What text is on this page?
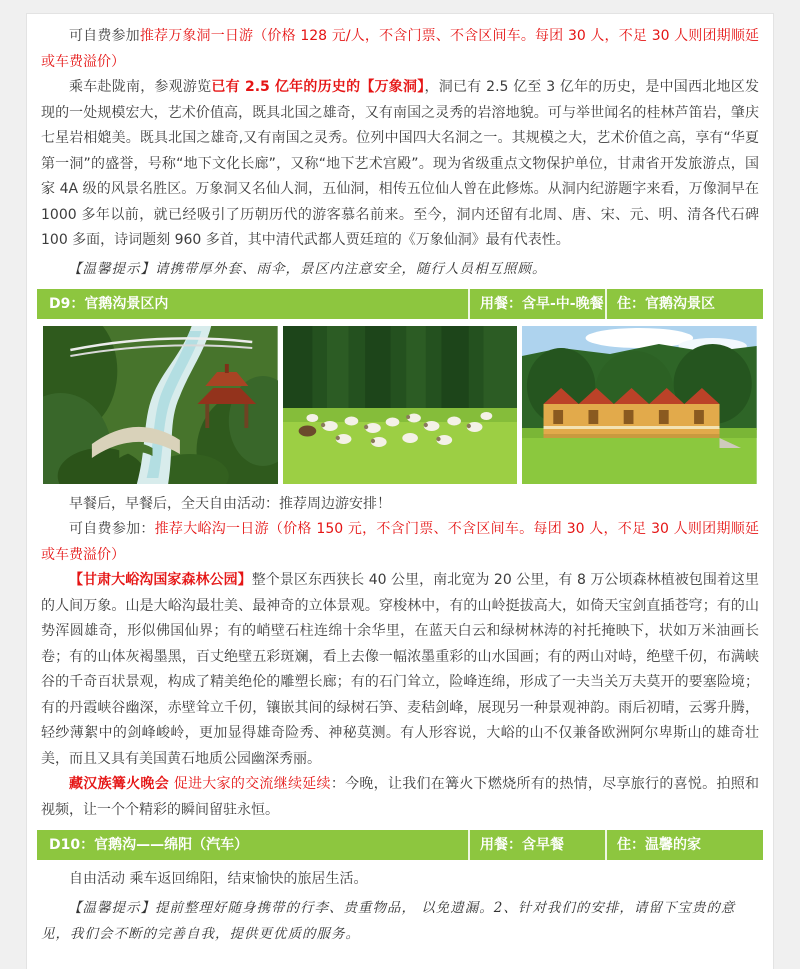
可自费参加推荐万象洞一日游（价格 128 元/人，不含门票、不含区间车。每团 30 人，不足 30 人则团期顺延或车费溢价）

乘车赴陇南，参观游览已有 2.5 亿年的历史的【万象洞】，洞已有 2.5 亿至 3 亿年的历史，是中国西北地区发现的一处规模宏大，艺术价值高，既具北国之雄奇，又有南国之灵秀的岩溶地貌。可与举世闻名的桂林芦笛岩，肇庆七星岩相媲美。既具北国之雄奇,又有南国之灵秀。位列中国四大名洞之一。其规模之大，艺术价值之高，享有“华夏第一洞”的盛誉，号称“地下文化长廊”，又称“地下艺术宫殿”。现为省级重点文物保护单位，甘肃省开发旅游点，国家 4A 级的风景名胜区。万象洞又名仙人洞，五仙洞，相传五位仙人曾在此修炼。从洞内纪游题字来看，万像洞早在 1000 多年以前，就已经吸引了历朝历代的游客慕名前来。至今，洞内还留有北周、唐、宋、元、明、清各代石碑 100 多面，诗词题刻 960 多首，其中清代武都人贾廷瑄的《万象仙洞》最有代表性。

【温馨提示】请携带厚外套、雨伞，景区内注意安全，随行人员相互照顾。

D9：官鹅沟景区内	用餐：含早-中-晚餐 住：官鹅沟景区

早餐后，早餐后，全天自由活动：推荐周边游安排！

可自费参加：推荐大峪沟一日游（价格 150 元，不含门票、不含区间车。每团 30 人，不足 30 人则团期顺延或车费溢价）

【甘肃大峪沟国家森林公园】整个景区东西狭长 40 公里，南北宽为 20 公里，有 8 万公顷森林植被包围着这里的人间万象。山是大峪沟最壮美、最神奇的立体景观。穿梭林中，有的山岭挺拔高大，如倚天宝剑直插苍穹；有的山势浑圆雄奇，形似佛国仙界；有的峭壁石柱连绵十余华里，在蓝天白云和绿树林涛的衬托掩映下，状如万米油画长卷；有的山体灰褐墨黑，百丈绝壁五彩斑斓，看上去像一幅浓墨重彩的山水国画；有的两山对峙，绝壁千仞，布满峡谷的千奇百状景观，构成了精美绝伦的雕塑长廊；有的石门耸立，险峰连绵，形成了一夫当关万夫莫开的要塞险境；有的丹霞峡谷幽深，赤壁耸立千仞，镶嵌其间的绿树石笋、麦秸剑峰，展现另一种景观神韵。雨后初晴，云雾升腾，轻纱薄絮中的剑峰峻岭，更加显得雄奇险秀、神秘莫测。有人形容说，大峪的山不仅兼备欧洲阿尔卑斯山的雄奇壮美，而且又具有美国黄石地质公园幽深秀丽。

藏汉族篝火晚会 促进大家的交流继续延续：今晚，让我们在篝火下燃烧所有的热情，尽享旅行的喜悦。拍照和视频，让一个个精彩的瞬间留驻永恒。

D10：官鹅沟——绵阳（汽车）	用餐：含早餐	住：温馨的家

自由活动 乘车返回绵阳，结束愉快的旅居生活。

【温馨提示】提前整理好随身携带的行李、贵重物品， 以免遗漏。2、针对我们的安排，请留下宝贵的意见，我们会不断的完善自我，提供更优质的服务。
